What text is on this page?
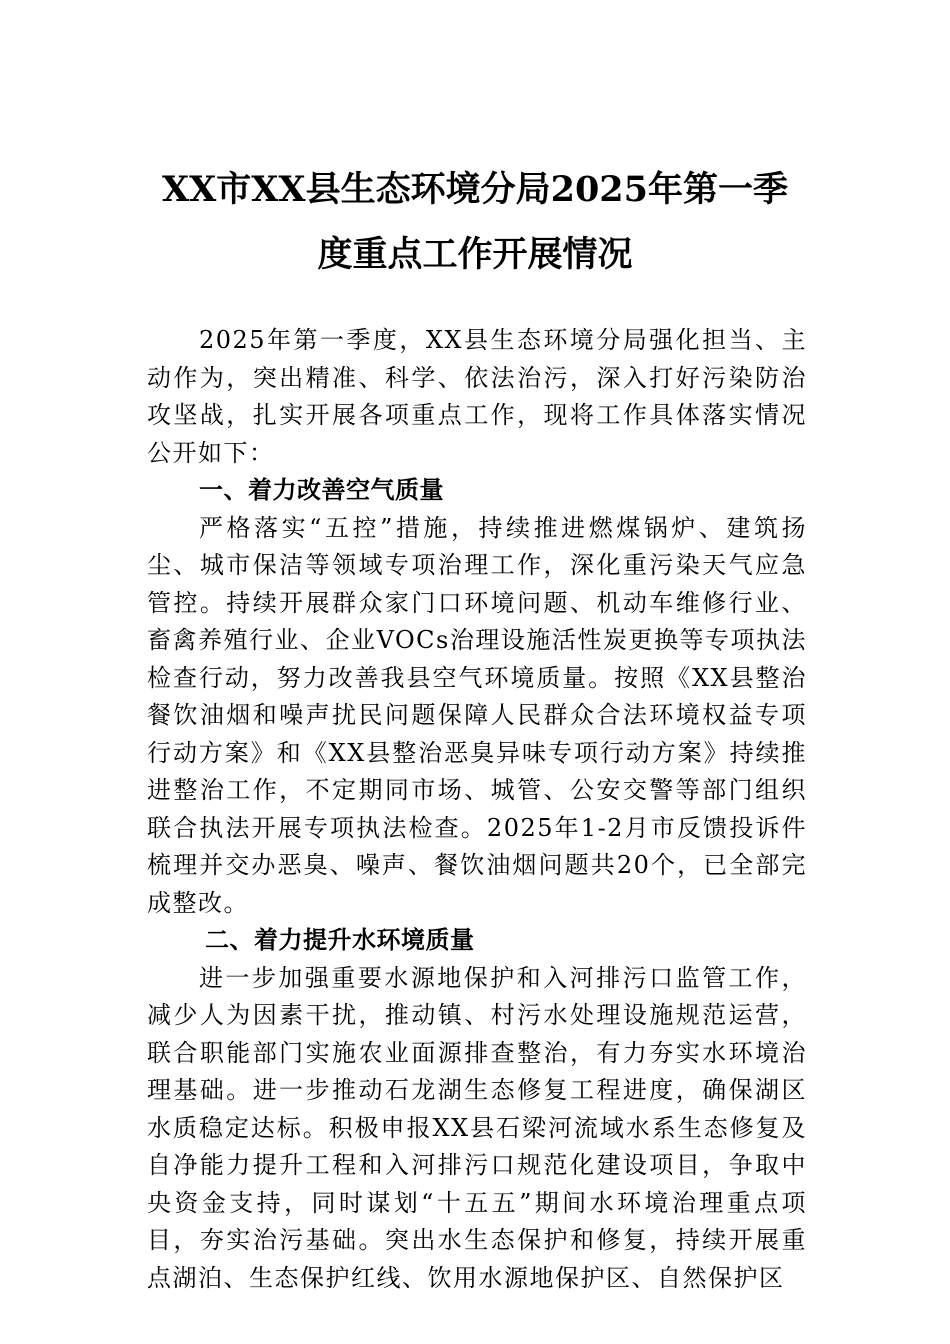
XX市XX县生态环境分局2025年第一季
度重点工作开展情况

2025年第一季度，XX县生态环境分局强化担当、主动作为，突出精准、科学、依法治污，深入打好污染防治攻坚战，扎实开展各项重点工作，现将工作具体落实情况公开如下：

一、着力改善空气质量

严格落实“五控”措施，持续推进燃煤锅炉、建筑扬尘、城市保洁等领域专项治理工作，深化重污染天气应急管控。持续开展群众家门口环境问题、机动车维修行业、畜禽养殖行业、企业VOCs治理设施活性炭更换等专项执法检查行动，努力改善我县空气环境质量。按照《XX县整治餐饮油烟和噪声扰民问题保障人民群众合法环境权益专项行动方案》和《XX县整治恶臭异味专项行动方案》持续推进整治工作，不定期同市场、城管、公安交警等部门组织联合执法开展专项执法检查。2025年1-2月市反馈投诉件梳理并交办恶臭、噪声、餐饮油烟问题共20个，已全部完成整改。

二、着力提升水环境质量

进一步加强重要水源地保护和入河排污口监管工作，减少人为因素干扰，推动镇、村污水处理设施规范运营，联合职能部门实施农业面源排查整治，有力夯实水环境治理基础。进一步推动石龙湖生态修复工程进度，确保湖区水质稳定达标。积极申报XX县石梁河流域水系生态修复及自净能力提升工程和入河排污口规范化建设项目，争取中央资金支持，同时谋划“十五五”期间水环境治理重点项目，夯实治污基础。突出水生态保护和修复，持续开展重点湖泊、生态保护红线、饮用水源地保护区、自然保护区
